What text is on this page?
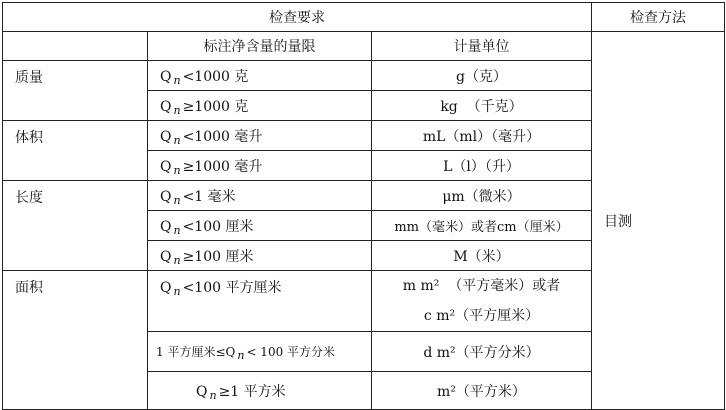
检查要求			检查方法
	标注净含量的量限	计量单位	目测
质量	Q $_n$ <1000 克	g（克）	
	Q $_n$ ≥1000 克	kg  （千克）	
体积	Q $_n$ <1000 毫升	mL（ml）（毫升）	
	Q $_n$ ≥1000 毫升	L（l）（升）	
长度	Q $_n$ <1 毫米	μm（微米）	
	Q $_n$ <100 厘米	mm（毫米）或者cm（厘米）	
	Q $_n$ ≥100 厘米	M（米）	
面积	Q $_n$ <100 平方厘米	m m²  （平方毫米）或者
c m²（平方厘米）	

	1 平方厘米≤Q n < 100 平方分米	d m²（平方分米）	
	Q $_n$ ≥1 平方米	m²（平方米）	
